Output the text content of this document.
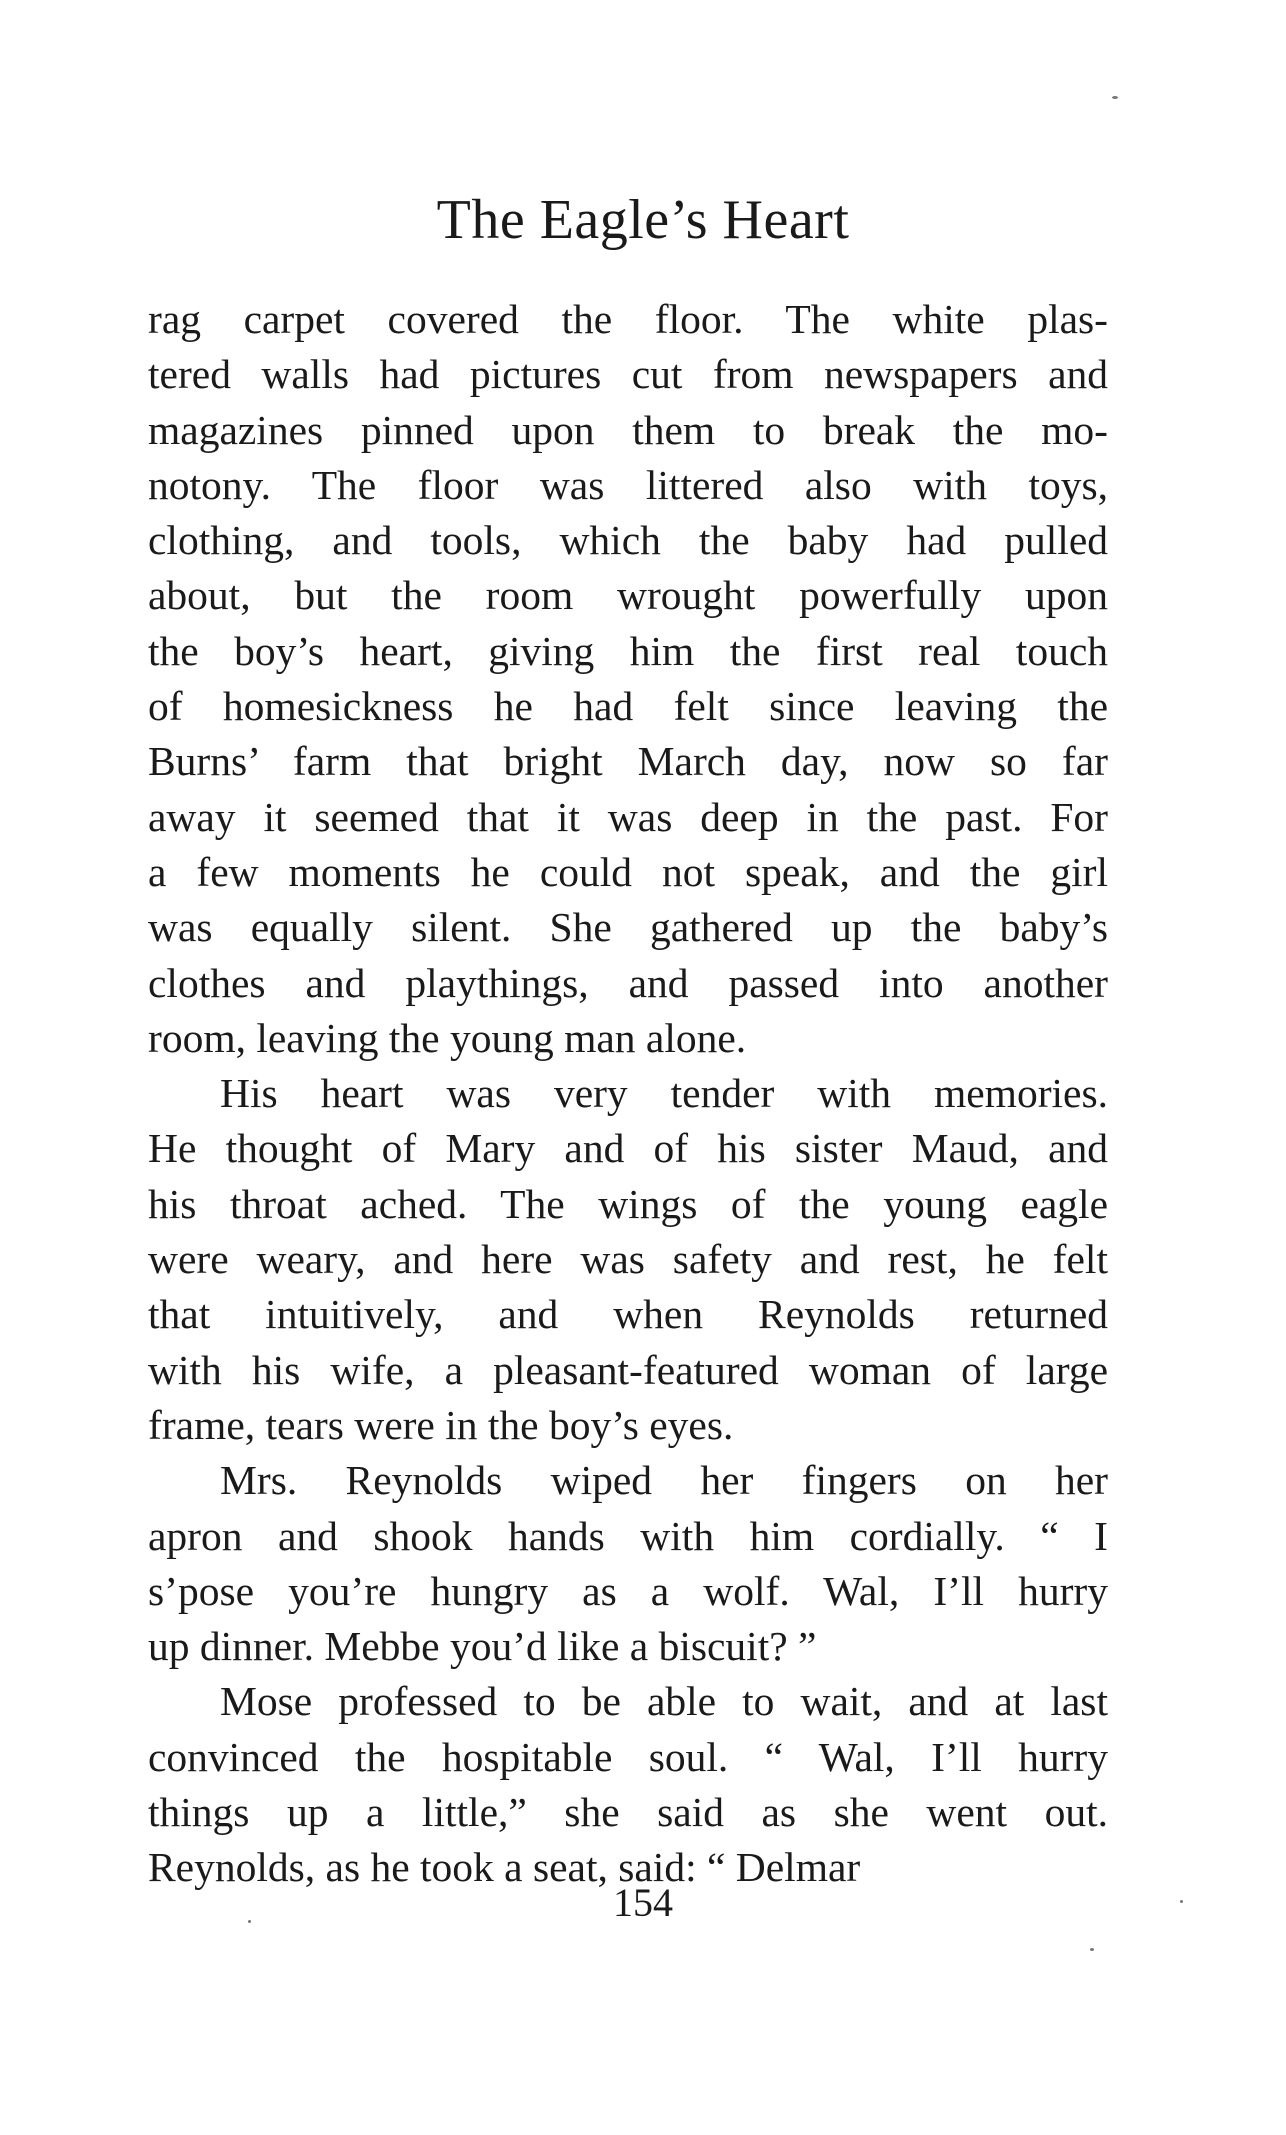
The Eagle’s Heart
rag carpet covered the floor. The white plas-
tered walls had pictures cut from newspapers and
magazines pinned upon them to break the mo-
notony. The floor was littered also with toys,
clothing, and tools, which the baby had pulled
about, but the room wrought powerfully upon
the boy’s heart, giving him the first real touch
of homesickness he had felt since leaving the
Burns’ farm that bright March day, now so far
away it seemed that it was deep in the past. For
a few moments he could not speak, and the girl
was equally silent. She gathered up the baby’s
clothes and playthings, and passed into another
room, leaving the young man alone.
His heart was very tender with memories.
He thought of Mary and of his sister Maud, and
his throat ached. The wings of the young eagle
were weary, and here was safety and rest, he felt
that intuitively, and when Reynolds returned
with his wife, a pleasant-featured woman of large
frame, tears were in the boy’s eyes.
Mrs. Reynolds wiped her fingers on her
apron and shook hands with him cordially. “ I
s’pose you’re hungry as a wolf. Wal, I’ll hurry
up dinner. Mebbe you’d like a biscuit? ”
Mose professed to be able to wait, and at last
convinced the hospitable soul. “ Wal, I’ll hurry
things up a little,” she said as she went out.
Reynolds, as he took a seat, said: “ Delmar
154
